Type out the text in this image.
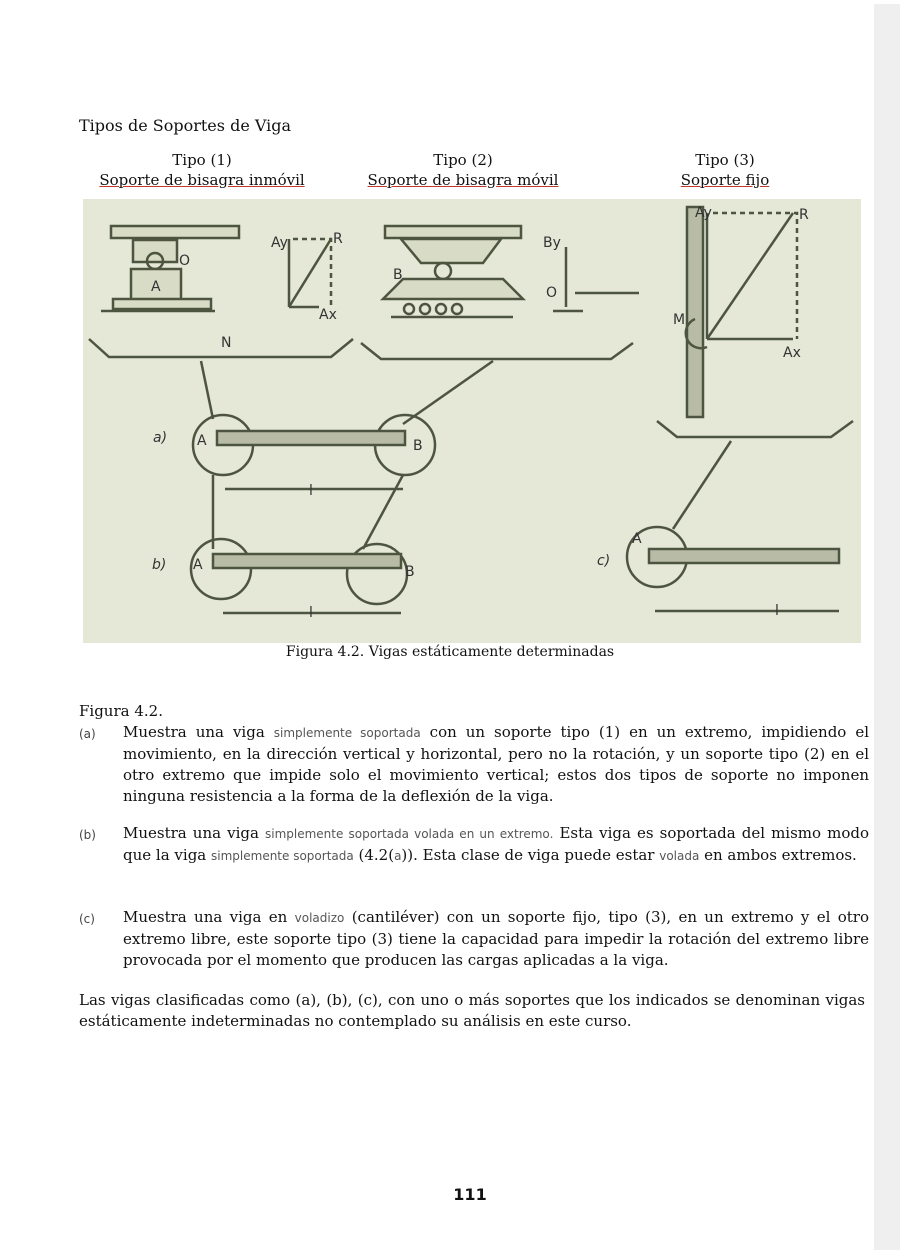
Tipos de Soportes de Viga
Tipo (1)
Soporte de bisagra inmóvil
Tipo (2)
Soporte de bisagra móvil
Tipo (3)
Soporte fijo
a)
b)	c)
A	B
A	B
A
A
O
B
O
N
Ay
Ax
R	By
M
Ay
Ax
R
l
l	l
Figura 4.2. Vigas estáticamente determinadas
Figura 4.2.
(a) Muestra una viga simplemente soportada con un soporte tipo (1) en un extremo, impidiendo el movimiento, en la dirección vertical y horizontal, pero no la rotación, y un soporte tipo (2) en el otro extremo que impide solo el movimiento vertical; estos dos tipos de soporte no imponen ninguna resistencia a la forma de la deflexión de la viga.
(b) Muestra una viga simplemente soportada volada en un extremo. Esta viga es soportada del mismo modo que la viga simplemente soportada (4.2(a)). Esta clase de viga puede estar volada en ambos extremos.
(c) Muestra una viga en voladizo (cantiléver) con un soporte fijo, tipo (3), en un extremo y el otro extremo libre, este soporte tipo (3) tiene la capacidad para impedir la rotación del extremo libre provocada por el momento que producen las cargas aplicadas a la viga.
Las vigas clasificadas como (a), (b), (c), con uno o más soportes que los indicados se denominan vigas estáticamente indeterminadas no contemplado su análisis en este curso.
111
